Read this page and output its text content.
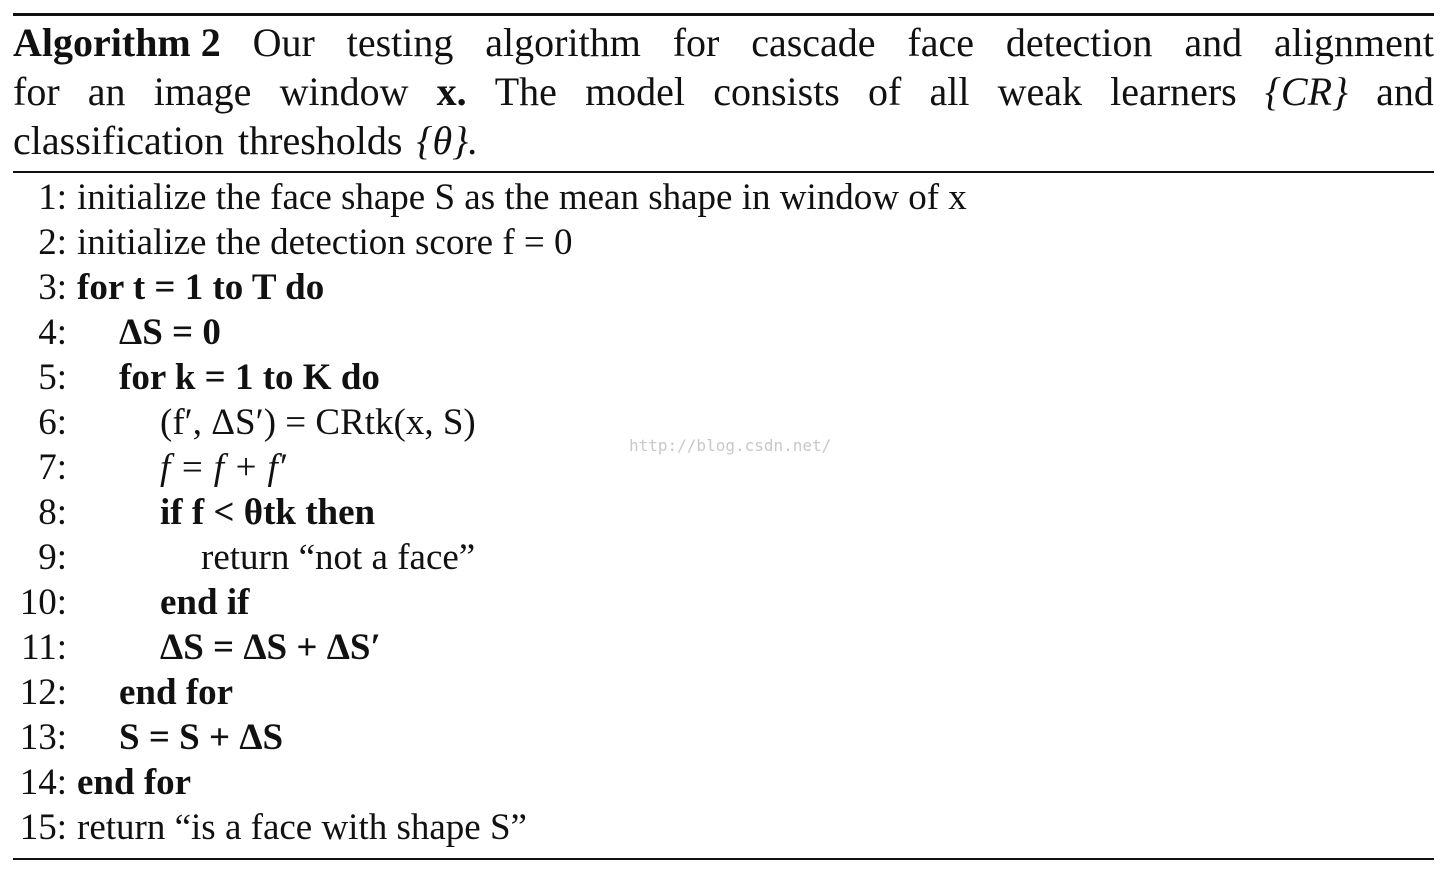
Algorithm 2 Our testing algorithm for cascade face detection and alignment
for an image window x. The model consists of all weak learners {CR} and
classification thresholds {θ}.
1: initialize the face shape S as the mean shape in window of x
2: initialize the detection score f = 0
3: for t = 1 to T do
4:	ΔS = 0
5:	for k = 1 to K do
6:	(f′, ΔS′) = CRtk(x, S)
7:	f = f + f′
8:	if f < θtk then
9:	return “not a face”
10:	end if
11:	ΔS = ΔS + ΔS′
12:	end for
13:	S = S + ΔS
14: end for
15: return “is a face with shape S”
http://blog.csdn.net/
